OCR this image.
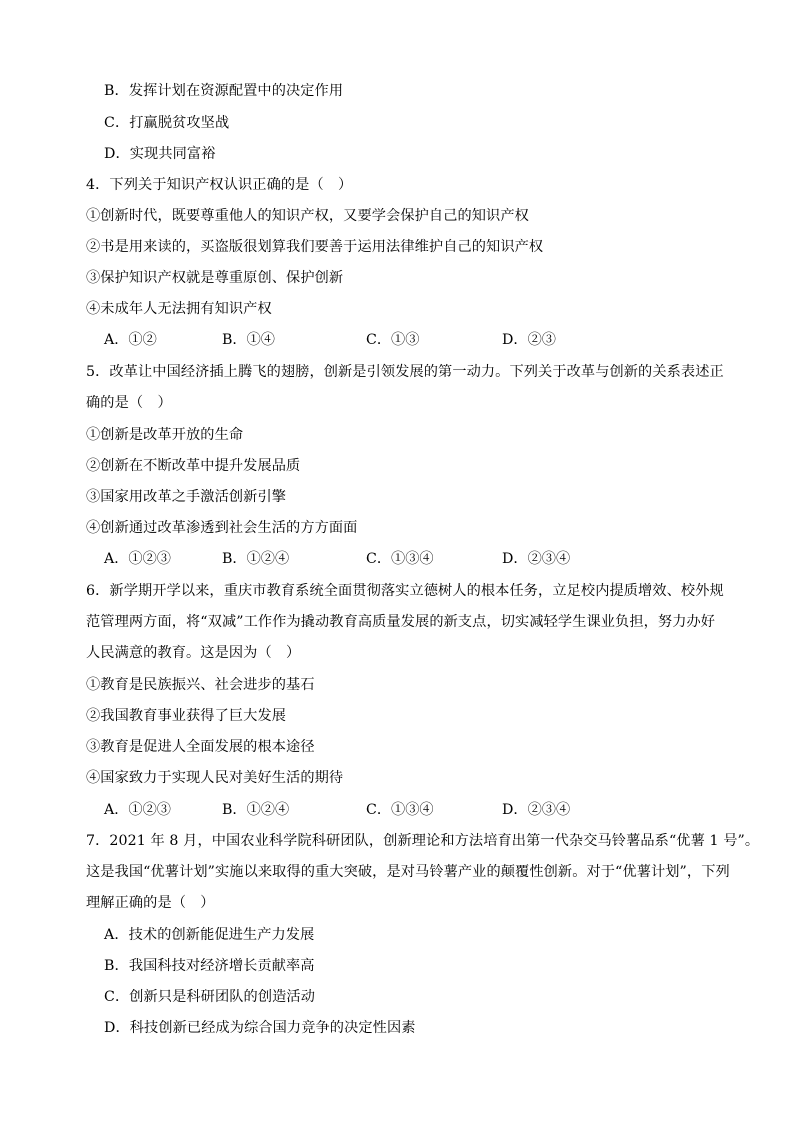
B．发挥计划在资源配置中的决定作用
C．打赢脱贫攻坚战
D．实现共同富裕
4．下列关于知识产权认识正确的是（　）
①创新时代，既要尊重他人的知识产权，又要学会保护自己的知识产权
②书是用来读的，买盗版很划算我们要善于运用法律维护自己的知识产权
③保护知识产权就是尊重原创、保护创新
④未成年人无法拥有知识产权
A．①②	B．①④	C．①③	D．②③
5．改革让中国经济插上腾飞的翅膀，创新是引领发展的第一动力。下列关于改革与创新的关系表述正
确的是（　）
①创新是改革开放的生命
②创新在不断改革中提升发展品质
③国家用改革之手激活创新引擎
④创新通过改革渗透到社会生活的方方面面
A．①②③	B．①②④	C．①③④	D．②③④
6．新学期开学以来，重庆市教育系统全面贯彻落实立德树人的根本任务，立足校内提质增效、校外规
范管理两方面，将“双减”工作作为撬动教育高质量发展的新支点，切实减轻学生课业负担，努力办好
人民满意的教育。这是因为（　）
①教育是民族振兴、社会进步的基石
②我国教育事业获得了巨大发展
③教育是促进人全面发展的根本途径
④国家致力于实现人民对美好生活的期待
A．①②③	B．①②④	C．①③④	D．②③④
7．2021 年 8 月，中国农业科学院科研团队，创新理论和方法培育出第一代杂交马铃薯品系“优薯 1 号”。
这是我国“优薯计划”实施以来取得的重大突破，是对马铃薯产业的颠覆性创新。对于“优薯计划”，下列
理解正确的是（　）
A．技术的创新能促进生产力发展
B．我国科技对经济增长贡献率高
C．创新只是科研团队的创造活动
D．科技创新已经成为综合国力竞争的决定性因素
